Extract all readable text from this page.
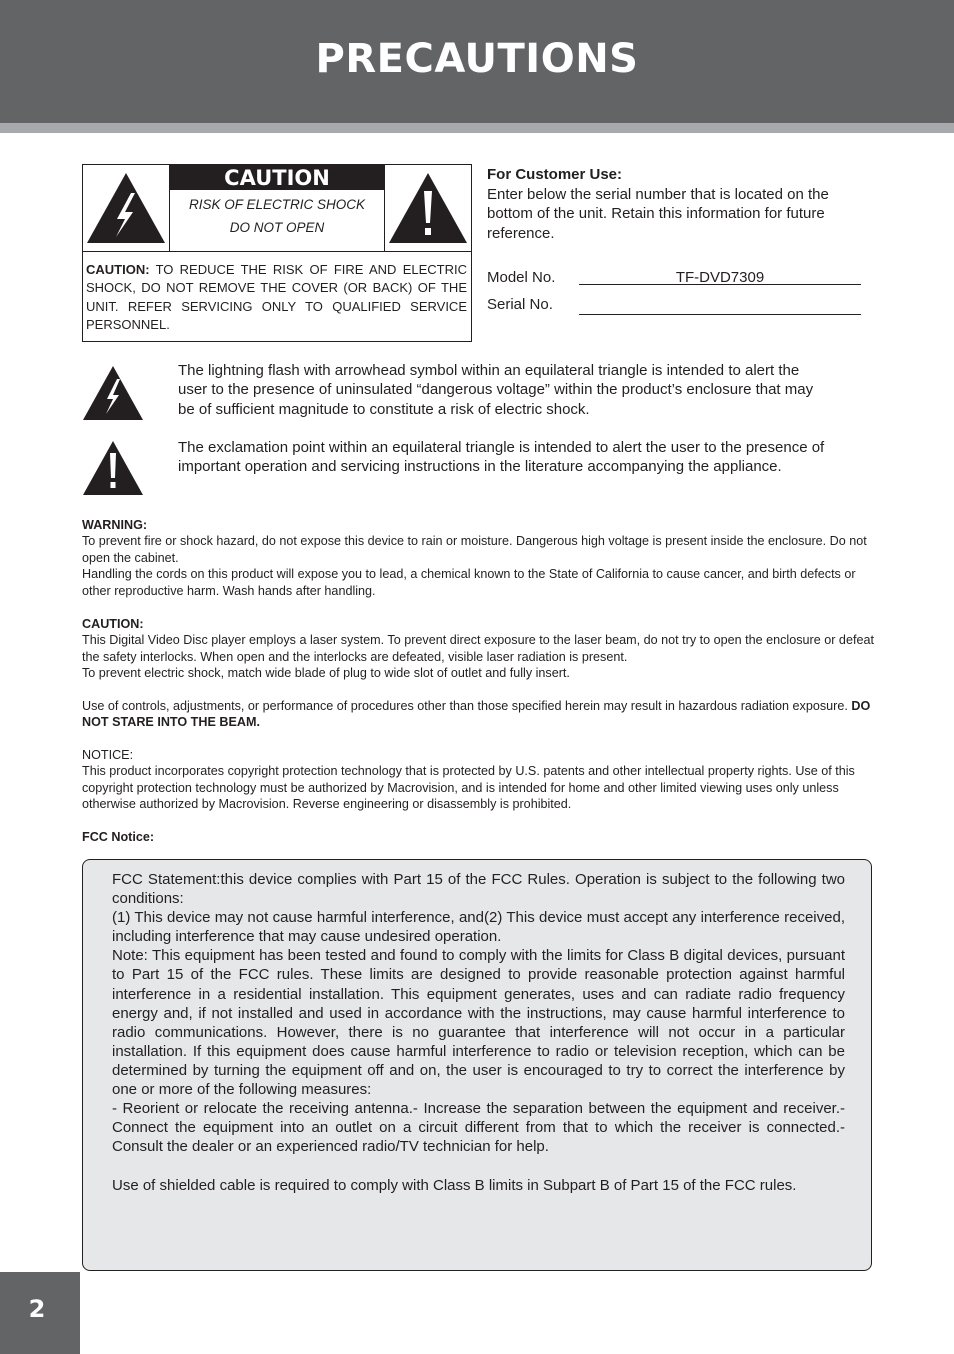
PRECAUTIONS
CAUTION
RISK OF ELECTRIC SHOCK
DO NOT OPEN
CAUTION: TO REDUCE THE RISK OF FIRE AND ELECTRIC SHOCK, DO NOT REMOVE THE COVER (OR BACK) OF THE UNIT. REFER SERVICING ONLY TO QUALIFIED SERVICE PERSONNEL.
For Customer Use:
Enter below the serial number that is located on the bottom of the unit. Retain this information for future reference.
Model No.	TF-DVD7309
Serial No.
The lightning flash with arrowhead symbol within an equilateral triangle is intended to alert the user to the presence of uninsulated “dangerous voltage” within the product’s enclosure that may be of sufficient magnitude to constitute a risk of electric shock.
The exclamation point within an equilateral triangle is intended to alert the user to the presence of important operation and servicing instructions in the literature accompanying the appliance.
WARNING:
To prevent fire or shock hazard, do not expose this device to rain or moisture. Dangerous high voltage is present inside the enclosure. Do not open the cabinet.
Handling the cords on this product will expose you to lead, a chemical known to the State of California to cause cancer, and birth defects or other reproductive harm. Wash hands after handling.
CAUTION:
This Digital Video Disc player employs a laser system. To prevent direct exposure to the laser beam, do not try to open the enclosure or defeat the safety interlocks. When open and the interlocks are defeated, visible laser radiation is present.
To prevent electric shock, match wide blade of plug to wide slot of outlet and fully insert.
Use of controls, adjustments, or performance of procedures other than those specified herein may result in hazardous radiation exposure. DO NOT STARE INTO THE BEAM.
NOTICE:
This product incorporates copyright protection technology that is protected by U.S. patents and other intellectual property rights. Use of this copyright protection technology must be authorized by Macrovision, and is intended for home and other limited viewing uses only unless otherwise authorized by Macrovision. Reverse engineering or disassembly is prohibited.
FCC Notice:

FCC Statement:this device complies with Part 15 of the FCC Rules. Operation is subject to the following two conditions:

(1) This device may not cause harmful interference, and(2) This device must accept any interference received, including interference that may cause undesired operation.

Note: This equipment has been tested and found to comply with the limits for Class B digital devices, pursuant to Part 15 of the FCC rules. These limits are designed to provide reasonable protection against harmful interference in a residential installation. This equipment generates, uses and can radiate radio frequency energy and, if not installed and used in accordance with the instructions, may cause harmful interference to radio communications. However, there is no guarantee that interference will not occur in a particular installation. If this equipment does cause harmful interference to radio or television reception, which can be determined by turning the equipment off and on, the user is encouraged to try to correct the interference by one or more of the following measures:

- Reorient or relocate the receiving antenna.- Increase the separation between the equipment and receiver.- Connect the equipment into an outlet on a circuit different from that to which the receiver is connected.- Consult the dealer or an experienced radio/TV technician for help.

Use of shielded cable is required to comply with Class B limits in Subpart B of Part 15 of the FCC rules.

2
